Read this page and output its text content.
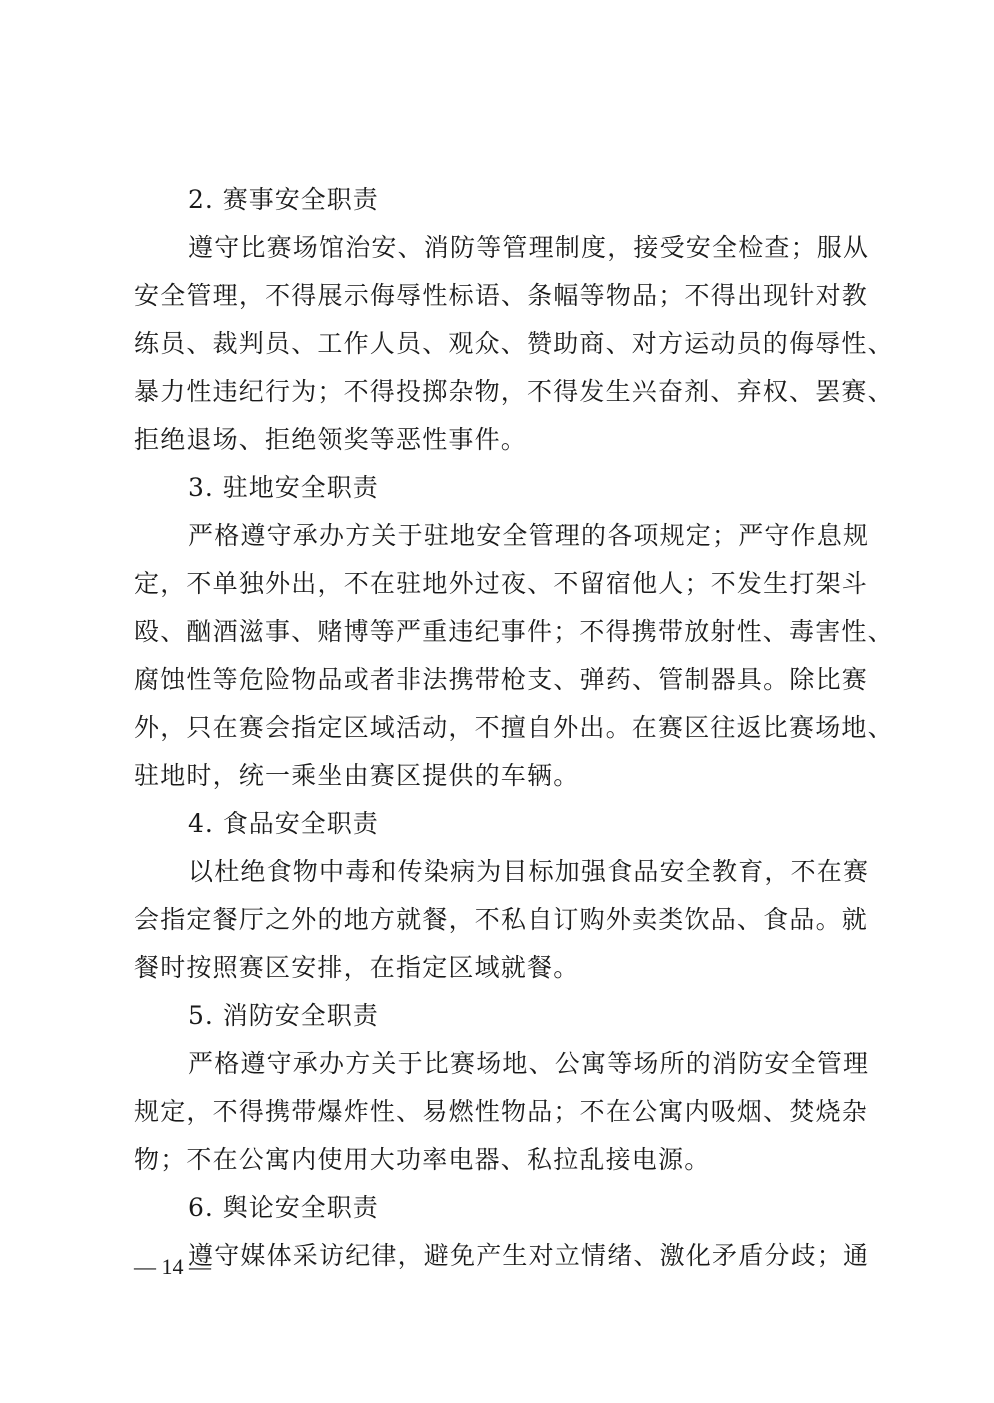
2. 赛事安全职责

遵守比赛场馆治安、消防等管理制度，接受安全检查；服从
安全管理，不得展示侮辱性标语、条幅等物品；不得出现针对教
练员、裁判员、工作人员、观众、赞助商、对方运动员的侮辱性、
暴力性违纪行为；不得投掷杂物，不得发生兴奋剂、弃权、罢赛、
拒绝退场、拒绝领奖等恶性事件。

3. 驻地安全职责

严格遵守承办方关于驻地安全管理的各项规定；严守作息规
定，不单独外出，不在驻地外过夜、不留宿他人；不发生打架斗
殴、酗酒滋事、赌博等严重违纪事件；不得携带放射性、毒害性、
腐蚀性等危险物品或者非法携带枪支、弹药、管制器具。除比赛
外，只在赛会指定区域活动，不擅自外出。在赛区往返比赛场地、
驻地时，统一乘坐由赛区提供的车辆。

4. 食品安全职责

以杜绝食物中毒和传染病为目标加强食品安全教育，不在赛
会指定餐厅之外的地方就餐，不私自订购外卖类饮品、食品。就
餐时按照赛区安排，在指定区域就餐。

5. 消防安全职责

严格遵守承办方关于比赛场地、公寓等场所的消防安全管理
规定，不得携带爆炸性、易燃性物品；不在公寓内吸烟、焚烧杂
物；不在公寓内使用大功率电器、私拉乱接电源。

6. 舆论安全职责

遵守媒体采访纪律，避免产生对立情绪、激化矛盾分歧；通

— 14 —
